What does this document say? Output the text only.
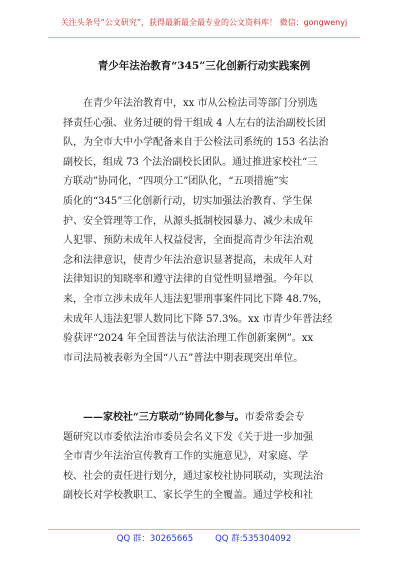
关注头条号“公文研究”，获得最新最全最专业的公文资料库！ 微信：gongwenyj
青少年法治教育“345”三化创新行动实践案例
在青少年法治教育中，xx 市从公检法司等部门分别选
择责任心强、业务过硬的骨干组成 4 人左右的法治副校长团
队，为全市大中小学配备来自于公检法司系统的 153 名法治
副校长，组成 73 个法治副校长团队。通过推进家校社“三
方联动”协同化，“四项分工”团队化，“五项措施”实
质化的“345”三化创新行动，切实加强法治教育、学生保
护、安全管理等工作，从源头抵制校园暴力、减少未成年
人犯罪、预防未成年人权益侵害，全面提高青少年法治观
念和法律意识，使青少年法治意识显著提高，未成年人对
法律知识的知晓率和遵守法律的自觉性明显增强。今年以
来，全市立涉未成年人违法犯罪刑事案件同比下降 48.7%，
未成年人违法犯罪人数同比下降 57.3%。xx 市青少年普法经
验获评“2024 年全国普法与依法治理工作创新案例”。xx
市司法局被表彰为全国“八五”普法中期表现突出单位。
——家校社“三方联动”协同化参与。市委常委会专
题研究以市委依法治市委员会名义下发《关于进一步加强
全市青少年法治宣传教育工作的实施意见》，对家庭、学
校、社会的责任进行划分，通过家校社协同联动，实现法治
副校长对学校教职工、家长学生的全覆盖。通过学校和社
QQ 群：30265665	QQ 群:535304092
